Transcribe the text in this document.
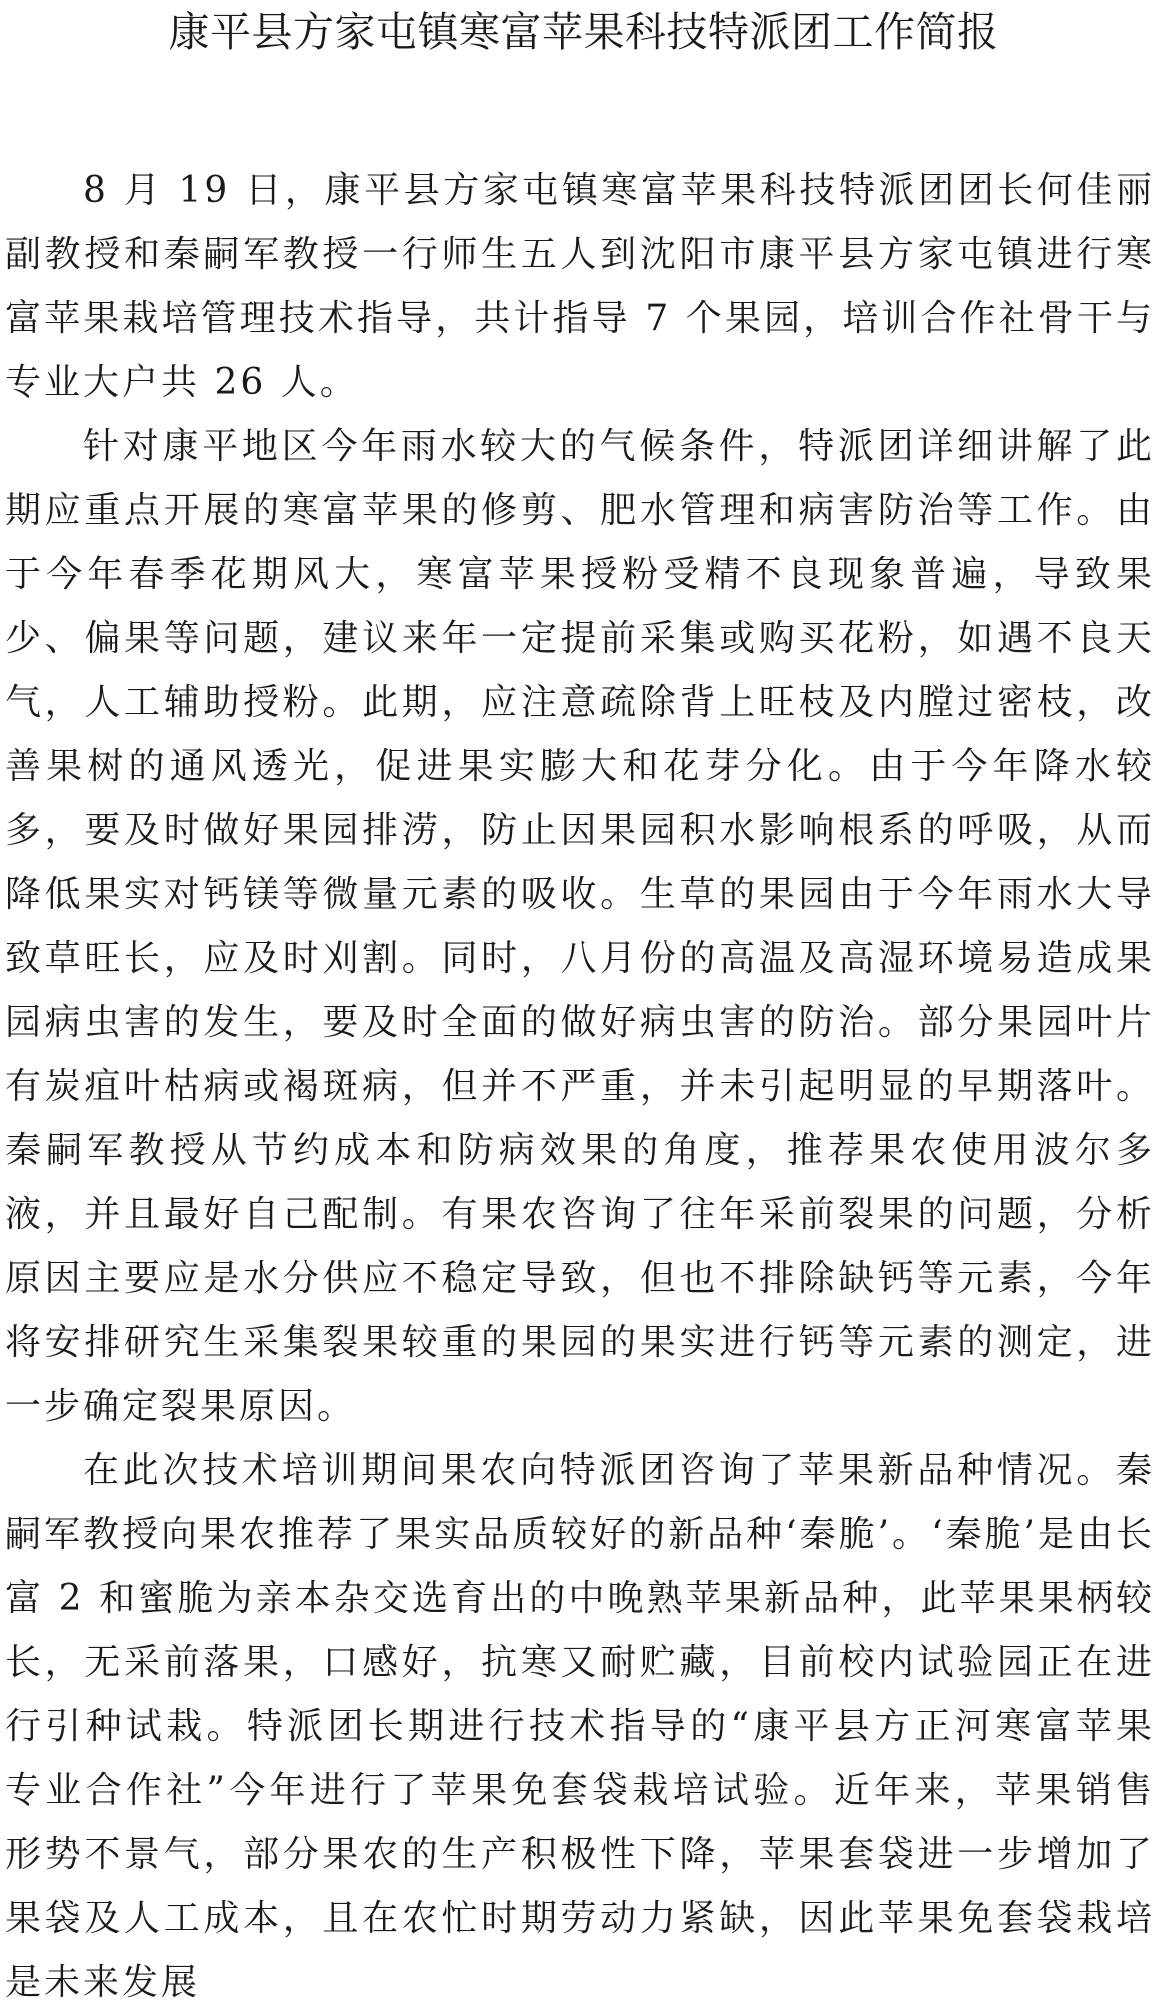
康平县方家屯镇寒富苹果科技特派团工作简报

8 月 19 日，康平县方家屯镇寒富苹果科技特派团团长何佳丽副教授和秦嗣军教授一行师生五人到沈阳市康平县方家屯镇进行寒富苹果栽培管理技术指导，共计指导 7 个果园，培训合作社骨干与专业大户共 26 人。

针对康平地区今年雨水较大的气候条件，特派团详细讲解了此期应重点开展的寒富苹果的修剪、肥水管理和病害防治等工作。由于今年春季花期风大，寒富苹果授粉受精不良现象普遍，导致果少、偏果等问题，建议来年一定提前采集或购买花粉，如遇不良天气，人工辅助授粉。此期，应注意疏除背上旺枝及内膛过密枝，改善果树的通风透光，促进果实膨大和花芽分化。由于今年降水较多，要及时做好果园排涝，防止因果园积水影响根系的呼吸，从而降低果实对钙镁等微量元素的吸收。生草的果园由于今年雨水大导致草旺长，应及时刈割。同时，八月份的高温及高湿环境易造成果园病虫害的发生，要及时全面的做好病虫害的防治。部分果园叶片有炭疽叶枯病或褐斑病，但并不严重，并未引起明显的早期落叶。秦嗣军教授从节约成本和防病效果的角度，推荐果农使用波尔多液，并且最好自己配制。有果农咨询了往年采前裂果的问题，分析原因主要应是水分供应不稳定导致，但也不排除缺钙等元素，今年将安排研究生采集裂果较重的果园的果实进行钙等元素的测定，进一步确定裂果原因。

在此次技术培训期间果农向特派团咨询了苹果新品种情况。秦嗣军教授向果农推荐了果实品质较好的新品种‘秦脆’。‘秦脆’是由长富 2 和蜜脆为亲本杂交选育出的中晚熟苹果新品种，此苹果果柄较长，无采前落果，口感好，抗寒又耐贮藏，目前校内试验园正在进行引种试栽。特派团长期进行技术指导的“康平县方正河寒富苹果专业合作社”今年进行了苹果免套袋栽培试验。近年来，苹果销售形势不景气，部分果农的生产积极性下降，苹果套袋进一步增加了果袋及人工成本，且在农忙时期劳动力紧缺，因此苹果免套袋栽培是未来发展
